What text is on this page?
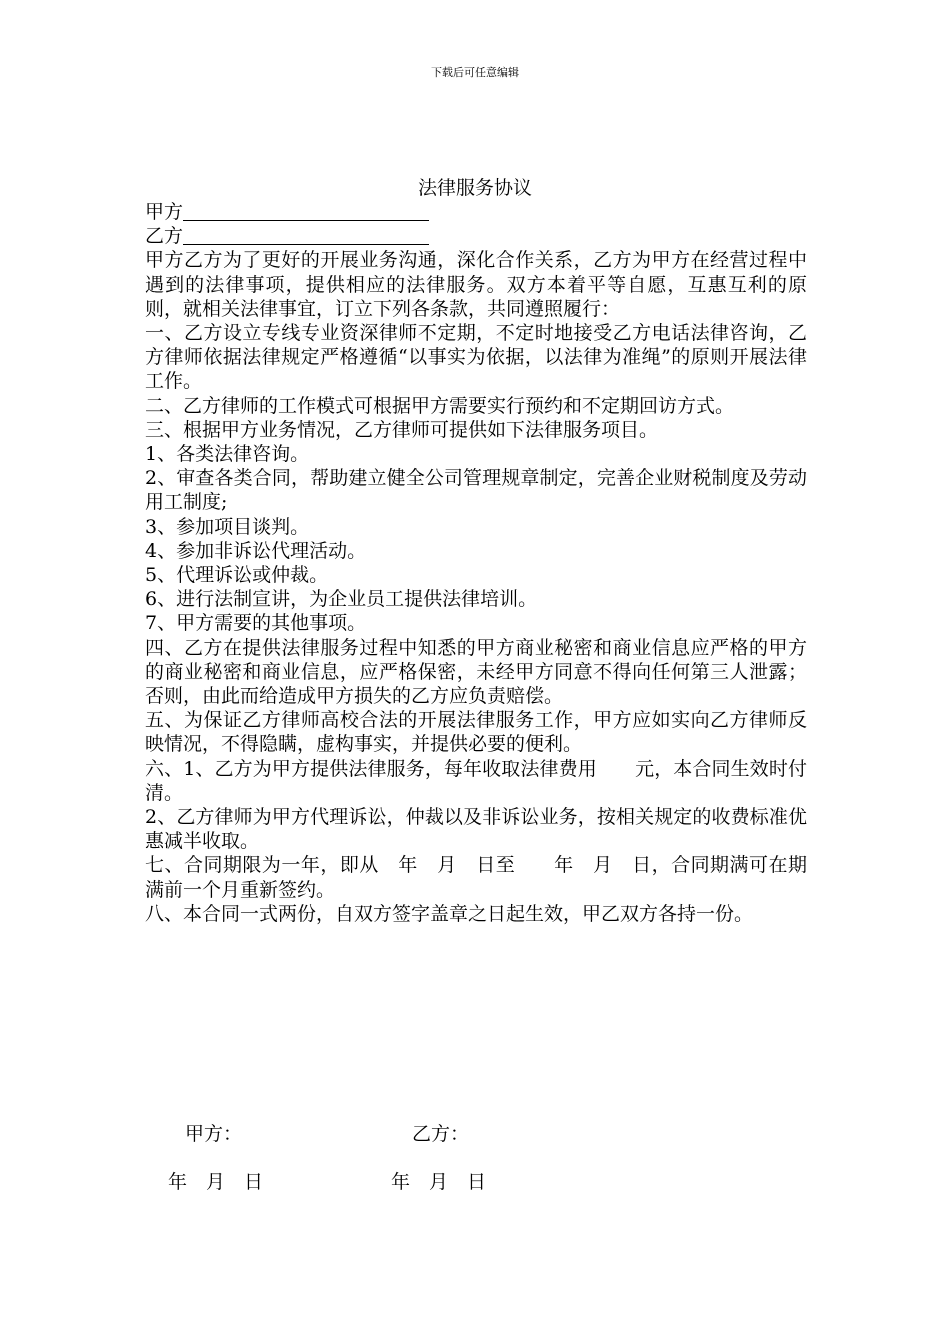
下载后可任意编辑
法律服务协议

甲方

乙方

甲方乙方为了更好的开展业务沟通，深化合作关系，乙方为甲方在经营过程中遇到的法律事项，提供相应的法律服务。双方本着平等自愿，互惠互利的原则，就相关法律事宜，订立下列各条款，共同遵照履行：

一、乙方设立专线专业资深律师不定期，不定时地接受乙方电话法律咨询，乙方律师依据法律规定严格遵循“以事实为依据，以法律为准绳”的原则开展法律工作。

二、乙方律师的工作模式可根据甲方需要实行预约和不定期回访方式。

三、根据甲方业务情况，乙方律师可提供如下法律服务项目。

1、各类法律咨询。

2、审查各类合同，帮助建立健全公司管理规章制定，完善企业财税制度及劳动用工制度;

3、参加项目谈判。

4、参加非诉讼代理活动。

5、代理诉讼或仲裁。

6、进行法制宣讲，为企业员工提供法律培训。

7、甲方需要的其他事项。

四、乙方在提供法律服务过程中知悉的甲方商业秘密和商业信息应严格的甲方的商业秘密和商业信息，应严格保密，未经甲方同意不得向任何第三人泄露；否则，由此而给造成甲方损失的乙方应负责赔偿。

五、为保证乙方律师高校合法的开展法律服务工作，甲方应如实向乙方律师反映情况，不得隐瞒，虚构事实，并提供必要的便利。

六、1、乙方为甲方提供法律服务，每年收取法律费用　　元，本合同生效时付清。

2、乙方律师为甲方代理诉讼，仲裁以及非诉讼业务，按相关规定的收费标准优惠减半收取。

七、合同期限为一年，即从　年　月　日至　　年　月　日，合同期满可在期满前一个月重新签约。

八、本合同一式两份，自双方签字盖章之日起生效，甲乙双方各持一份。

甲方：	乙方：
年　月　日	年　月　日
